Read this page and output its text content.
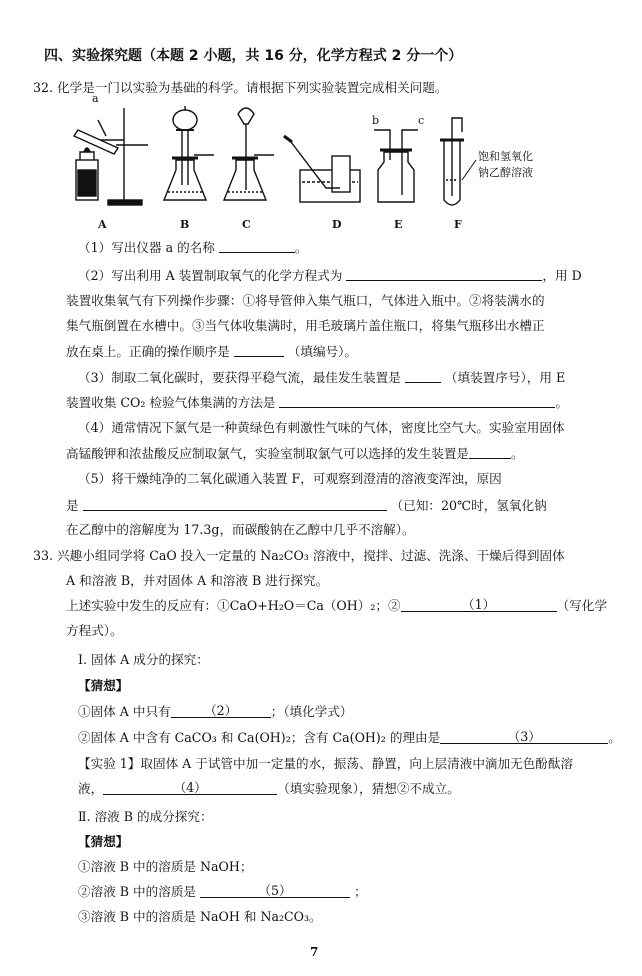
四、实验探究题（本题 2 小题，共 16 分，化学方程式 2 分一个）
32. 化学是一门以实验为基础的科学。请根据下列实验装置完成相关问题。
a
b	c
饱和氢氧化
钠乙醇溶液
A	B	C	D	E	F
（1）写出仪器 a 的名称	。
（2）写出利用 A 装置制取氧气的化学方程式为	，用 D
装置收集氧气有下列操作步骤：①将导管伸入集气瓶口，气体进入瓶中。②将装满水的
集气瓶倒置在水槽中。③当气体收集满时，用毛玻璃片盖住瓶口，将集气瓶移出水槽正
放在桌上。正确的操作顺序是	（填编号）。
（3）制取二氧化碳时，要获得平稳气流，最佳发生装置是	（填装置序号），用 E
装置收集 CO₂ 检验气体集满的方法是	。
（4）通常情况下氯气是一种黄绿色有刺激性气味的气体，密度比空气大。实验室用固体
高锰酸钾和浓盐酸反应制取氯气，实验室制取氯气可以选择的发生装置是	。
（5）将干燥纯净的二氧化碳通入装置 F，可观察到澄清的溶液变浑浊，原因
是	（已知：20℃时，氢氧化钠
在乙醇中的溶解度为 17.3g，而碳酸钠在乙醇中几乎不溶解）。
33. 兴趣小组同学将 CaO 投入一定量的 Na₂CO₃ 溶液中，搅拌、过滤、洗涤、干燥后得到固体
A 和溶液 B，并对固体 A 和溶液 B 进行探究。
上述实验中发生的反应有：①CaO+H₂O＝Ca（OH）₂；②	（1）	（写化学
方程式）。
Ⅰ. 固体 A 成分的探究：
【猜想】
①固体 A 中只有	（2）	；（填化学式）
②固体 A 中含有 CaCO₃ 和 Ca(OH)₂；含有 Ca(OH)₂ 的理由是	（3）	。
【实验 1】取固体 A 于试管中加一定量的水，振荡、静置，向上层清液中滴加无色酚酞溶
液，	（4）	（填实验现象），猜想②不成立。
Ⅱ. 溶液 B 的成分探究：
【猜想】
①溶液 B 中的溶质是 NaOH；
②溶液 B 中的溶质是	（5）	；
③溶液 B 中的溶质是 NaOH 和 Na₂CO₃。
7
